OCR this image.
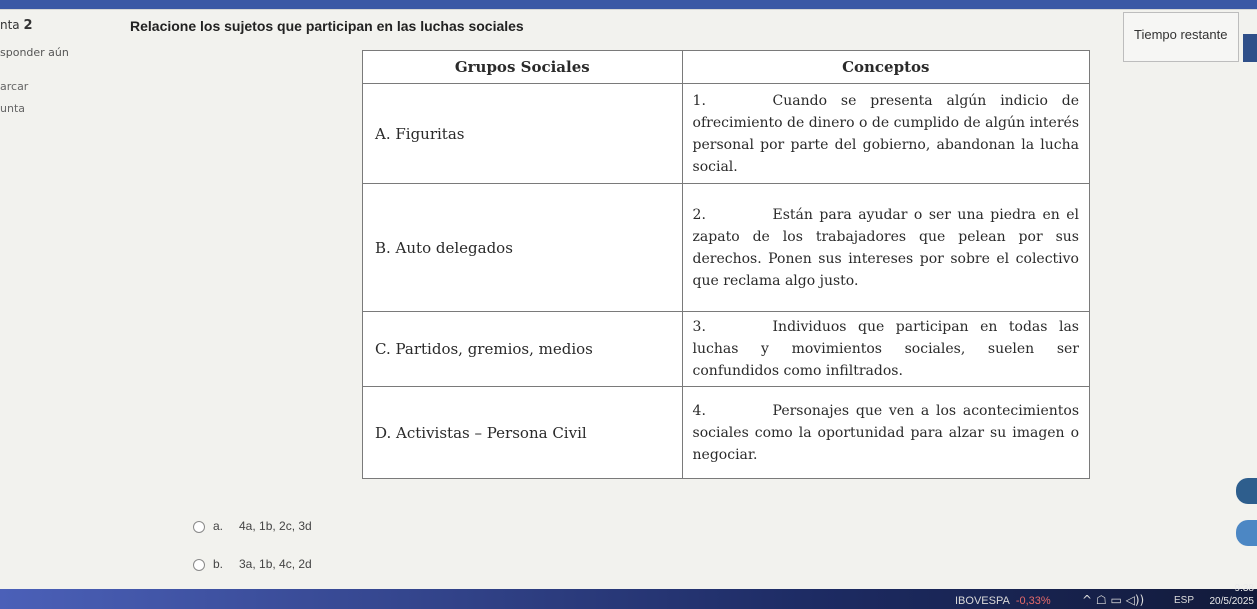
nta 2
sponder aún
arcar
unta
Relacione los sujetos que participan en las luchas sociales
Tiempo restante
Grupos Sociales	Conceptos
A. Figuritas	1. Cuando se presenta algún indicio de ofrecimiento de dinero o de cumplido de algún interés personal por parte del gobierno, abandonan la lucha social.
B. Auto delegados	2. Están para ayudar o ser una piedra en el zapato de los trabajadores que pelean por sus derechos. Ponen sus intereses por sobre el colectivo que reclama algo justo.
C. Partidos, gremios, medios	3. Individuos que participan en todas las luchas y movimientos sociales, suelen ser confundidos como infiltrados.
D. Activistas – Persona Civil	4. Personajes que ven a los acontecimientos sociales como la oportunidad para alzar su imagen o negociar.
a. 4a, 1b, 2c, 3d
b. 3a, 1b, 4c, 2d
IBOVESPA -0,33%	^ ☖ ▭ ◁))	ESP
9:38
20/5/2025
